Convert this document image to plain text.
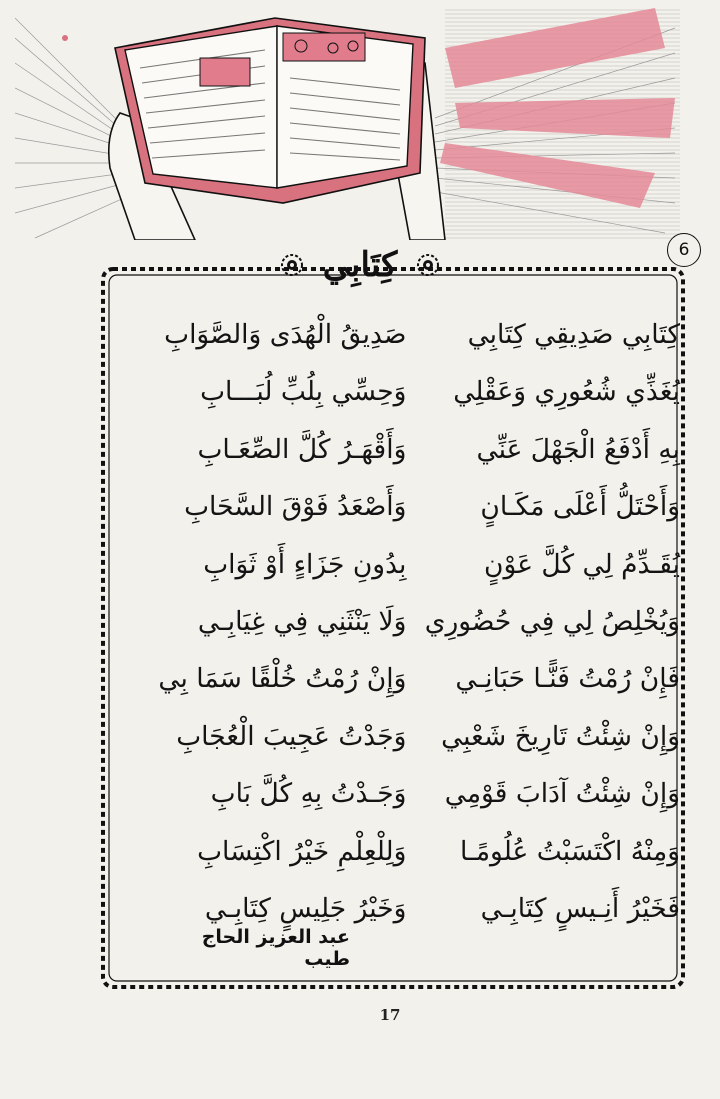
6
كِتَابِي
كِتَابِي صَدِيقِي كِتَابِي
صَدِيقُ الْهُدَى وَالصَّوَابِ
يُغَذِّي شُعُورِي وَعَقْلِي
وَحِسِّي بِلُبِّ لُبَـــابِ
بِهِ أَدْفَعُ الْجَهْلَ عَنِّي
وَأَقْهَـرُ كُلَّ الصِّعَـابِ
وَأَحْتَلُّ أَعْلَى مَكَـانٍ
وَأَصْعَدُ فَوْقَ السَّحَابِ
يُقَـدِّمُ لِي كُلَّ عَوْنٍ
بِدُونِ جَزَاءٍ أَوْ ثَوَابِ
وَيُخْلِصُ لِي فِي حُضُورِي
وَلَا يَنْثَنِي فِي غِيَابِـي
فَإِنْ رُمْتُ فَنًّـا حَبَانِـي
وَإِنْ رُمْتُ خُلْقًا سَمَا بِي
وَإِنْ شِئْتُ تَارِيخَ شَعْبِي
وَجَدْتُ عَجِيبَ الْعُجَابِ
وَإِنْ شِئْتُ آدَابَ قَوْمِي
وَجَـدْتُ بِهِ كُلَّ بَابِ
وَمِنْهُ اكْتَسَبْتُ عُلُومًـا
وَلِلْعِلْمِ خَيْرُ اكْتِسَابِ
فَخَيْرُ أَنِـيسٍ كِتَابِـي
وَخَيْرُ جَلِيسٍ كِتَابِـي
عبد العزيز الحاج طيب
17
